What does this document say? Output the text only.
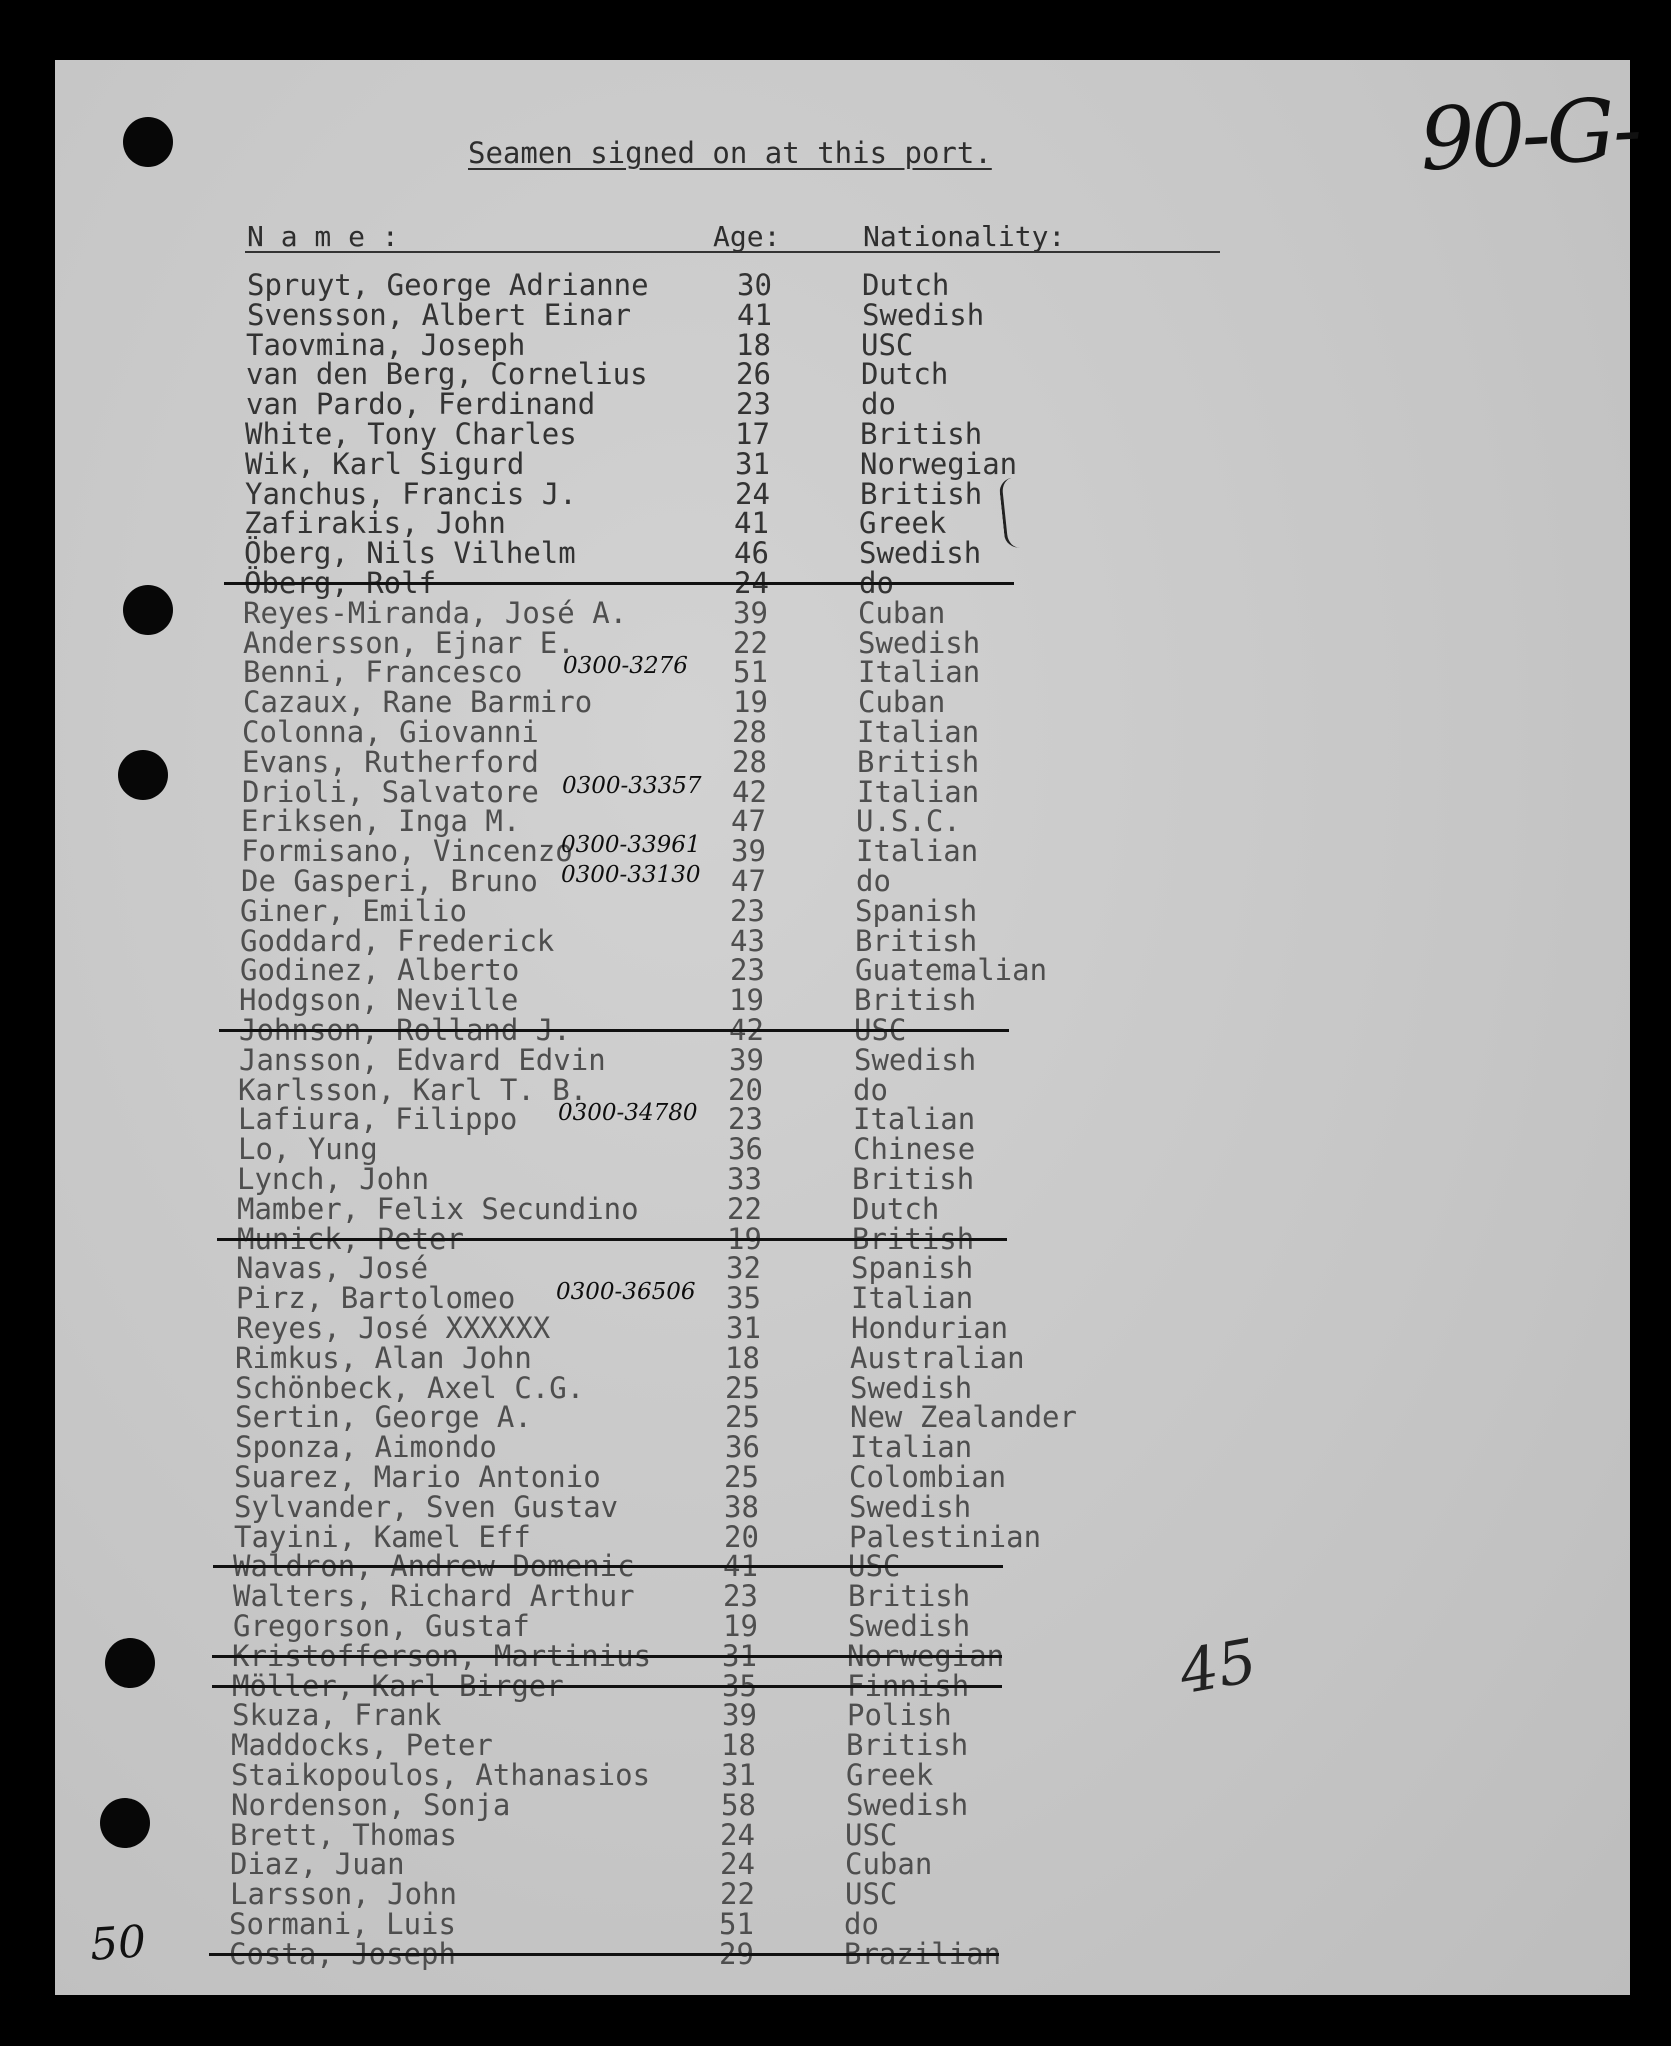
90-G-
Seamen signed on at this port.
N a m e :	Age:	Nationality:
Spruyt, George Adrianne	30	Dutch
Svensson, Albert Einar	41	Swedish
Taovmina, Joseph	18	USC
van den Berg, Cornelius	26	Dutch
van Pardo, Ferdinand	23	do
White, Tony Charles	17	British
Wik, Karl Sigurd	31	Norwegian
Yanchus, Francis J.	24	British
Zafirakis, John	41	Greek
Öberg, Nils Vilhelm	46	Swedish
Öberg, Rolf	24	do
Reyes-Miranda, José A.	39	Cuban
Andersson, Ejnar E.	22	Swedish
Benni, Francesco	51	Italian
0300-3276
Cazaux, Rane Barmiro	19	Cuban
Colonna, Giovanni	28	Italian
Evans, Rutherford	28	British
Drioli, Salvatore	42	Italian
0300-33357
Eriksen, Inga M.	47	U.S.C.
Formisano, Vincenzo	39	Italian
0300-33961
De Gasperi, Bruno	47	do
0300-33130
Giner, Emilio	23	Spanish
Goddard, Frederick	43	British
Godinez, Alberto	23	Guatemalian
Hodgson, Neville	19	British
Johnson, Rolland J.	42	USC
Jansson, Edvard Edvin	39	Swedish
Karlsson, Karl T. B.	20	do
Lafiura, Filippo	23	Italian
0300-34780
Lo, Yung	36	Chinese
Lynch, John	33	British
Mamber, Felix Secundino	22	Dutch
Munick, Peter	19	British
Navas, José	32	Spanish
Pirz, Bartolomeo	35	Italian
0300-36506
Reyes, José XXXXXX	31	Hondurian
Rimkus, Alan John	18	Australian
Schönbeck, Axel C.G.	25	Swedish
Sertin, George A.	25	New Zealander
Sponza, Aimondo	36	Italian
Suarez, Mario Antonio	25	Colombian
Sylvander, Sven Gustav	38	Swedish
Tayini, Kamel Eff	20	Palestinian
Waldron, Andrew Domenic	41	USC
Walters, Richard Arthur	23	British
Gregorson, Gustaf	19	Swedish
Kristofferson, Martinius 31	Norwegian
Möller, Karl Birger	35	Finnish
Skuza, Frank	39	Polish
Maddocks, Peter	18	British
Staikopoulos, Athanasios 31	Greek
Nordenson, Sonja	58	Swedish
Brett, Thomas	24	USC
Diaz, Juan	24	Cuban
Larsson, John	22	USC
Sormani, Luis	51	do
Costa, Joseph	29	Brazilian
45
50
